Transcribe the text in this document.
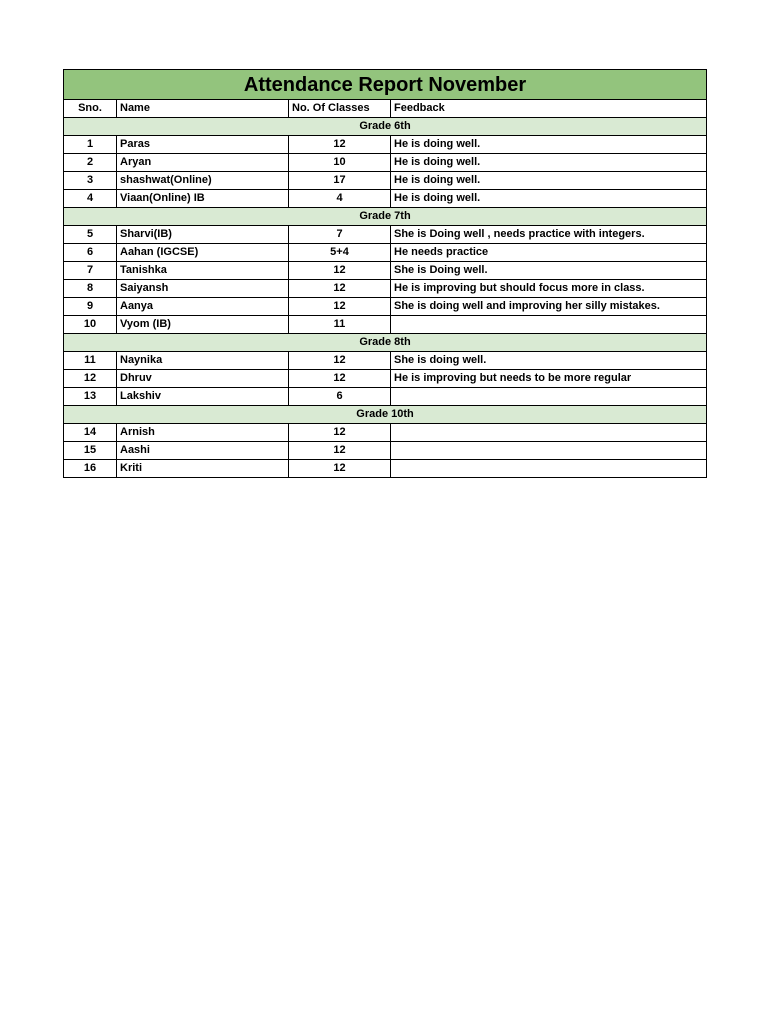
Attendance Report November			
Sno.	Name	No. Of Classes	Feedback
Grade 6th			
1	Paras	12	He is doing well.
2	Aryan	10	He is doing well.
3	shashwat(Online)	17	He is doing well.
4	Viaan(Online) IB	4	He is doing well.
Grade 7th			
5	Sharvi(IB)	7	She is Doing well , needs practice with integers.
6	Aahan (IGCSE)	5+4	He needs practice
7	Tanishka	12	She is Doing well.
8	Saiyansh	12	He is improving but should focus more in class.
9	Aanya	12	She is doing well and improving her silly mistakes.
10	Vyom (IB)	11	
Grade 8th			
11	Naynika	12	She is doing well.
12	Dhruv	12	He is improving but needs to be more regular
13	Lakshiv	6	
Grade 10th			
14	Arnish	12	
15	Aashi	12	
16	Kriti	12	
